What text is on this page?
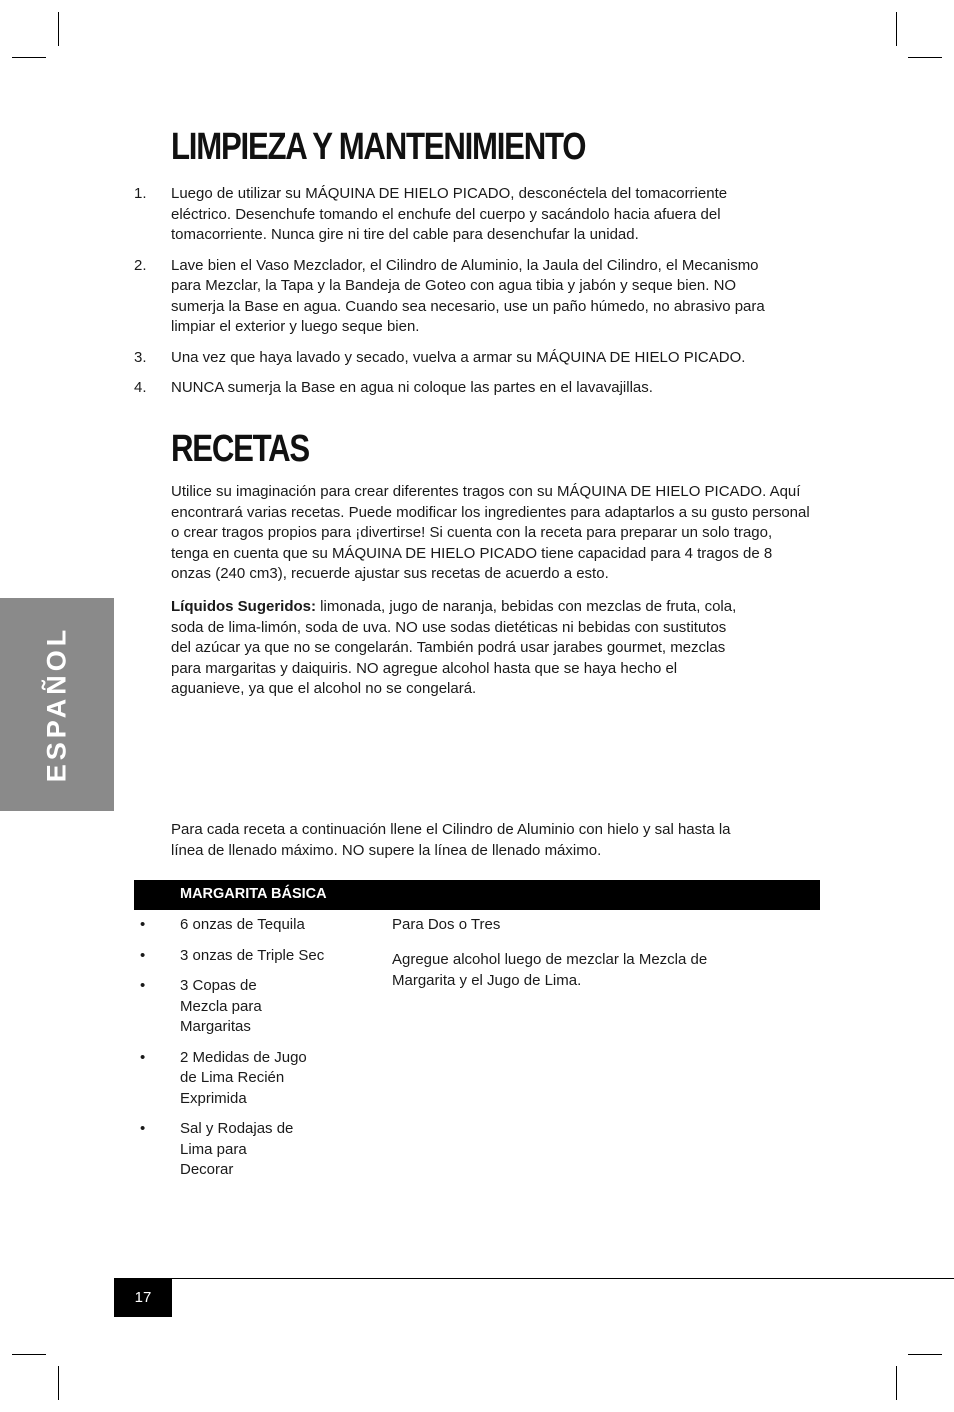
LIMPIEZA Y MANTENIMIENTO
1. Luego de utilizar su MÁQUINA DE HIELO PICADO, desconéctela del tomacorriente eléctrico. Desenchufe tomando el enchufe del cuerpo y sacándolo hacia afuera del tomacorriente. Nunca gire ni tire del cable para desenchufar la unidad.
2. Lave bien el Vaso Mezclador, el Cilindro de Aluminio, la Jaula del Cilindro, el Mecanismo para Mezclar, la Tapa y la Bandeja de Goteo con agua tibia y jabón y seque bien. NO sumerja la Base en agua. Cuando sea necesario, use un paño húmedo, no abrasivo para limpiar el exterior y luego seque bien.
3. Una vez que haya lavado y secado, vuelva a armar su MÁQUINA DE HIELO PICADO.
4. NUNCA sumerja la Base en agua ni coloque las partes en el lavavajillas.
RECETAS

Utilice su imaginación para crear diferentes tragos con su MÁQUINA DE HIELO PICADO. Aquí encontrará varias recetas. Puede modificar los ingredientes para adaptarlos a su gusto personal o crear tragos propios para ¡divertirse! Si cuenta con la receta para preparar un solo trago, tenga en cuenta que su MÁQUINA DE HIELO PICADO tiene capacidad para 4 tragos de 8 onzas (240 cm3), recuerde ajustar sus recetas de acuerdo a esto.

Líquidos Sugeridos: limonada, jugo de naranja, bebidas con mezclas de fruta, cola, soda de lima-limón, soda de uva. NO use sodas dietéticas ni bebidas con sustitutos del azúcar ya que no se congelarán. También podrá usar jarabes gourmet, mezclas para margaritas y daiquiris. NO agregue alcohol hasta que se haya hecho el aguanieve, ya que el alcohol no se congelará.

ESPAÑOL

Para cada receta a continuación llene el Cilindro de Aluminio con hielo y sal hasta la línea de llenado máximo. NO supere la línea de llenado máximo.

MARGARITA BÁSICA
• 6 onzas de Tequila
• 3 onzas de Triple Sec
• 3 Copas de Mezcla para Margaritas
• 2 Medidas de Jugo de Lima Recién Exprimida
• Sal y Rodajas de Lima para Decorar

Para Dos o Tres

Agregue alcohol luego de mezclar la Mezcla de Margarita y el Jugo de Lima.

17
